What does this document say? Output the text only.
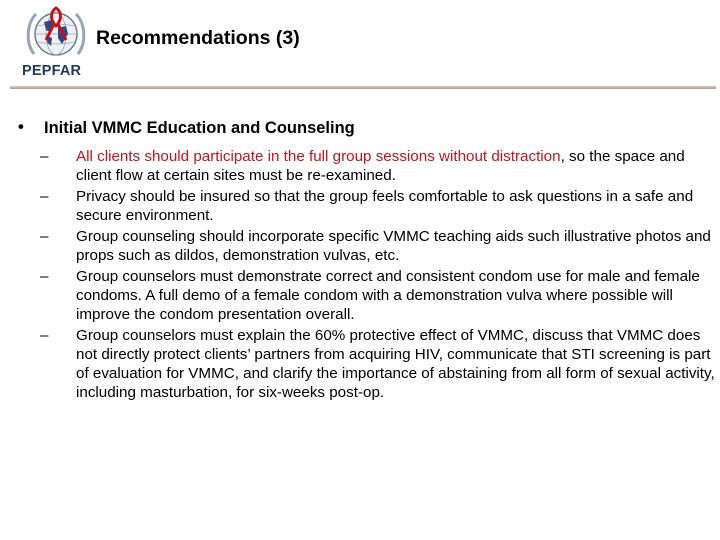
PEPFAR
Recommendations (3)
• Initial VMMC Education and Counseling
– All clients should participate in the full group sessions without distraction, so the space and client flow at certain sites must be re-examined.
– Privacy should be insured so that the group feels comfortable to ask questions in a safe and secure environment.
– Group counseling should incorporate specific VMMC teaching aids such illustrative photos and props such as dildos, demonstration vulvas, etc.
– Group counselors must demonstrate correct and consistent condom use for male and female condoms. A full demo of a female condom with a demonstration vulva where possible will improve the condom presentation overall.
– Group counselors must explain the 60% protective effect of VMMC, discuss that VMMC does not directly protect clients’ partners from acquiring HIV, communicate that STI screening is part of evaluation for VMMC, and clarify the importance of abstaining from all form of sexual activity, including masturbation, for six-weeks post-op.
